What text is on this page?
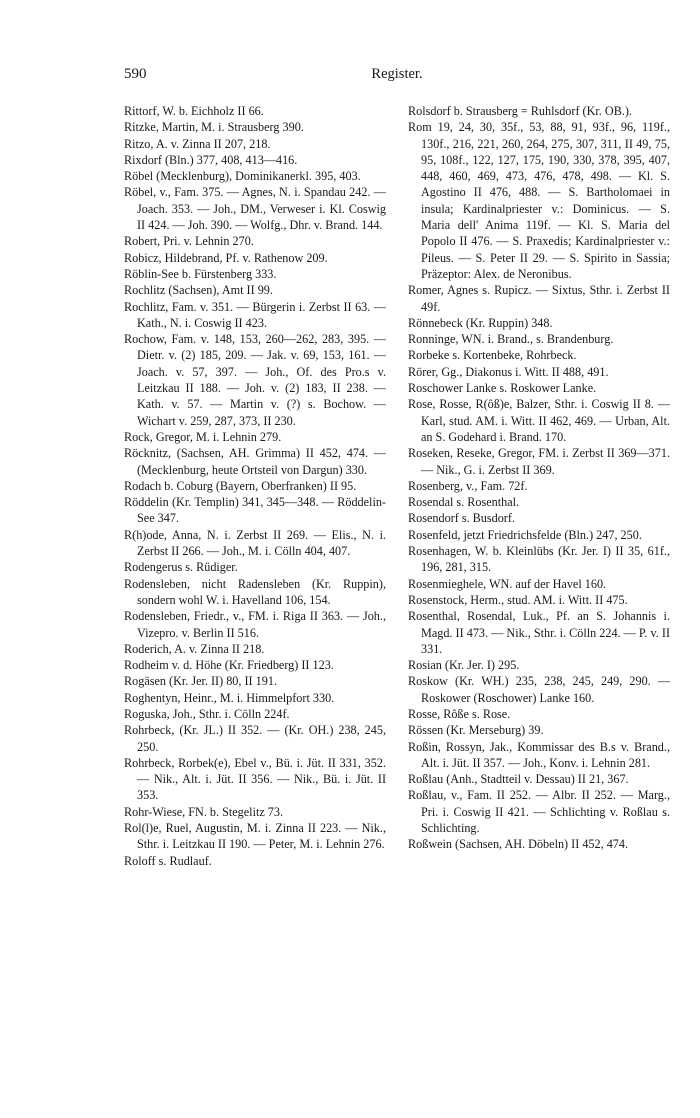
590	Register.

Rittorf, W. b. Eichholz II 66.

Ritzke, Martin, M. i. Strausberg 390.

Ritzo, A. v. Zinna II 207, 218.

Rixdorf (Bln.) 377, 408, 413—416.

Röbel (Mecklenburg), Dominikanerkl. 395, 403.

Röbel, v., Fam. 375. — Agnes, N. i. Spandau 242. — Joach. 353. — Joh., DM., Verweser i. Kl. Coswig II 424. — Joh. 390. — Wolfg., Dhr. v. Brand. 144.

Robert, Pri. v. Lehnin 270.

Robicz, Hildebrand, Pf. v. Rathenow 209.

Röblin-See b. Fürstenberg 333.

Rochlitz (Sachsen), Amt II 99.

Rochlitz, Fam. v. 351. — Bürgerin i. Zerbst II 63. — Kath., N. i. Coswig II 423.

Rochow, Fam. v. 148, 153, 260—262, 283, 395. — Dietr. v. (2) 185, 209. — Jak. v. 69, 153, 161. — Joach. v. 57, 397. — Joh., Of. des Pro.s v. Leitzkau II 188. — Joh. v. (2) 183, II 238. — Kath. v. 57. — Martin v. (?) s. Bochow. — Wichart v. 259, 287, 373, II 230.

Rock, Gregor, M. i. Lehnin 279.

Röcknitz, (Sachsen, AH. Grimma) II 452, 474. — (Mecklenburg, heute Ortsteil von Dargun) 330.

Rodach b. Coburg (Bayern, Oberfranken) II 95.

Röddelin (Kr. Templin) 341, 345—348. — Röddelin-See 347.

R(h)ode, Anna, N. i. Zerbst II 269. — Elis., N. i. Zerbst II 266. — Joh., M. i. Cölln 404, 407.

Rodengerus s. Rüdiger.

Rodensleben, nicht Radensleben (Kr. Ruppin), sondern wohl W. i. Havelland 106, 154.

Rodensleben, Friedr., v., FM. i. Riga II 363. — Joh., Vizepro. v. Berlin II 516.

Roderich, A. v. Zinna II 218.

Rodheim v. d. Höhe (Kr. Friedberg) II 123.

Rogäsen (Kr. Jer. II) 80, II 191.

Roghentyn, Heinr., M. i. Himmelpfort 330.

Roguska, Joh., Sthr. i. Cölln 224f.

Rohrbeck, (Kr. JL.) II 352. — (Kr. OH.) 238, 245, 250.

Rohrbeck, Rorbek(e), Ebel v., Bü. i. Jüt. II 331, 352. — Nik., Alt. i. Jüt. II 356. — Nik., Bü. i. Jüt. II 353.

Rohr-Wiese, FN. b. Stegelitz 73.

Rol(l)e, Ruel, Augustin, M. i. Zinna II 223. — Nik., Sthr. i. Leitzkau II 190. — Peter, M. i. Lehnin 276.

Roloff s. Rudlauf.

Rolsdorf b. Strausberg = Ruhlsdorf (Kr. OB.).

Rom 19, 24, 30, 35f., 53, 88, 91, 93f., 96, 119f., 130f., 216, 221, 260, 264, 275, 307, 311, II 49, 75, 95, 108f., 122, 127, 175, 190, 330, 378, 395, 407, 448, 460, 469, 473, 476, 478, 498. — Kl. S. Agostino II 476, 488. — S. Bartholomaei in insula; Kardinalpriester v.: Dominicus. — S. Maria dell' Anima 119f. — Kl. S. Maria del Popolo II 476. — S. Praxedis; Kardinalpriester v.: Pileus. — S. Peter II 29. — S. Spirito in Sassia; Präzeptor: Alex. de Neronibus.

Romer, Agnes s. Rupicz. — Sixtus, Sthr. i. Zerbst II 49f.

Rönnebeck (Kr. Ruppin) 348.

Ronninge, WN. i. Brand., s. Brandenburg.

Rorbeke s. Kortenbeke, Rohrbeck.

Rörer, Gg., Diakonus i. Witt. II 488, 491.

Roschower Lanke s. Roskower Lanke.

Rose, Rosse, R(ôß)e, Balzer, Sthr. i. Coswig II 8. — Karl, stud. AM. i. Witt. II 462, 469. — Urban, Alt. an S. Godehard i. Brand. 170.

Roseken, Reseke, Gregor, FM. i. Zerbst II 369—371. — Nik., G. i. Zerbst II 369.

Rosenberg, v., Fam. 72f.

Rosendal s. Rosenthal.

Rosendorf s. Busdorf.

Rosenfeld, jetzt Friedrichsfelde (Bln.) 247, 250.

Rosenhagen, W. b. Kleinlübs (Kr. Jer. I) II 35, 61f., 196, 281, 315.

Rosenmieghele, WN. auf der Havel 160.

Rosenstock, Herm., stud. AM. i. Witt. II 475.

Rosenthal, Rosendal, Luk., Pf. an S. Johannis i. Magd. II 473. — Nik., Sthr. i. Cölln 224. — P. v. II 331.

Rosian (Kr. Jer. I) 295.

Roskow (Kr. WH.) 235, 238, 245, 249, 290. — Roskower (Roschower) Lanke 160.

Rosse, Rôße s. Rose.

Rössen (Kr. Merseburg) 39.

Roßin, Rossyn, Jak., Kommissar des B.s v. Brand., Alt. i. Jüt. II 357. — Joh., Konv. i. Lehnin 281.

Roßlau (Anh., Stadtteil v. Dessau) II 21, 367.

Roßlau, v., Fam. II 252. — Albr. II 252. — Marg., Pri. i. Coswig II 421. — Schlichting v. Roßlau s. Schlichting.

Roßwein (Sachsen, AH. Döbeln) II 452, 474.
